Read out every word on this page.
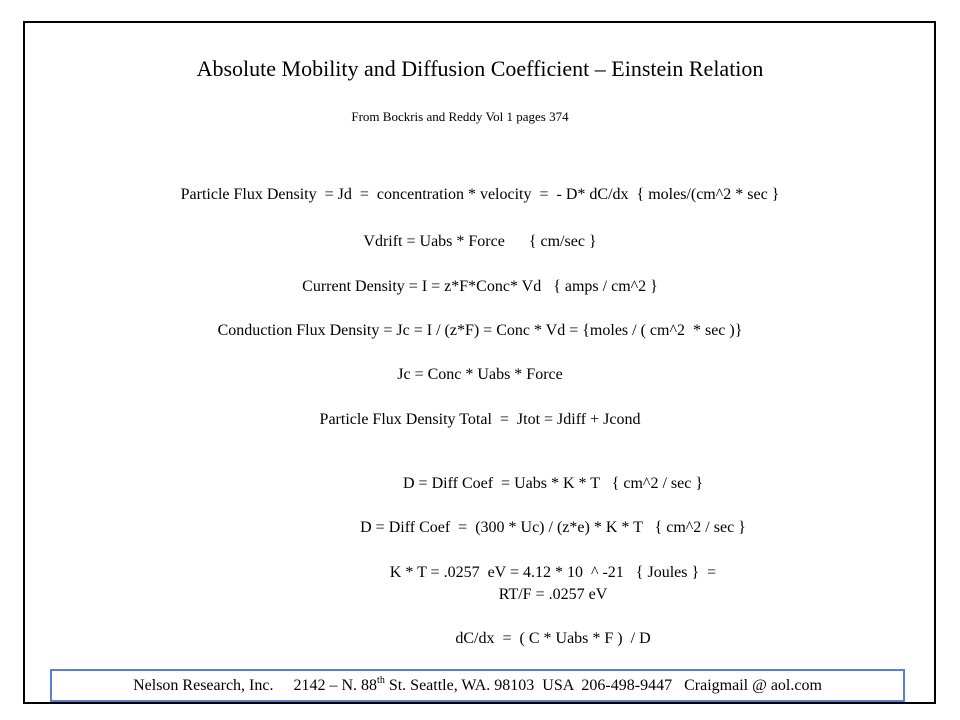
Absolute Mobility and Diffusion Coefficient – Einstein Relation
From Bockris and Reddy Vol 1 pages 374
Particle Flux Density  = Jd  =  concentration * velocity  =  - D* dC/dx  { moles/(cm^2 * sec }
Vdrift = Uabs * Force      { cm/sec }
Current Density = I = z*F*Conc* Vd   { amps / cm^2 }
Conduction Flux Density = Jc = I / (z*F) = Conc * Vd = {moles / ( cm^2  * sec )}
Jc = Conc * Uabs * Force
Particle Flux Density Total  =  Jtot = Jdiff + Jcond
D = Diff Coef  = Uabs * K * T   { cm^2 / sec }
D = Diff Coef  =  (300 * Uc) / (z*e) * K * T   { cm^2 / sec }
K * T = .0257  eV = 4.12 * 10  ^ -21   { Joules }  =
RT/F = .0257 eV
dC/dx  =  ( C * Uabs * F )  / D
Nelson Research, Inc. 2142 – N. 88th St. Seattle, WA. 98103  USA  206-498-9447 Craigmail @ aol.com
